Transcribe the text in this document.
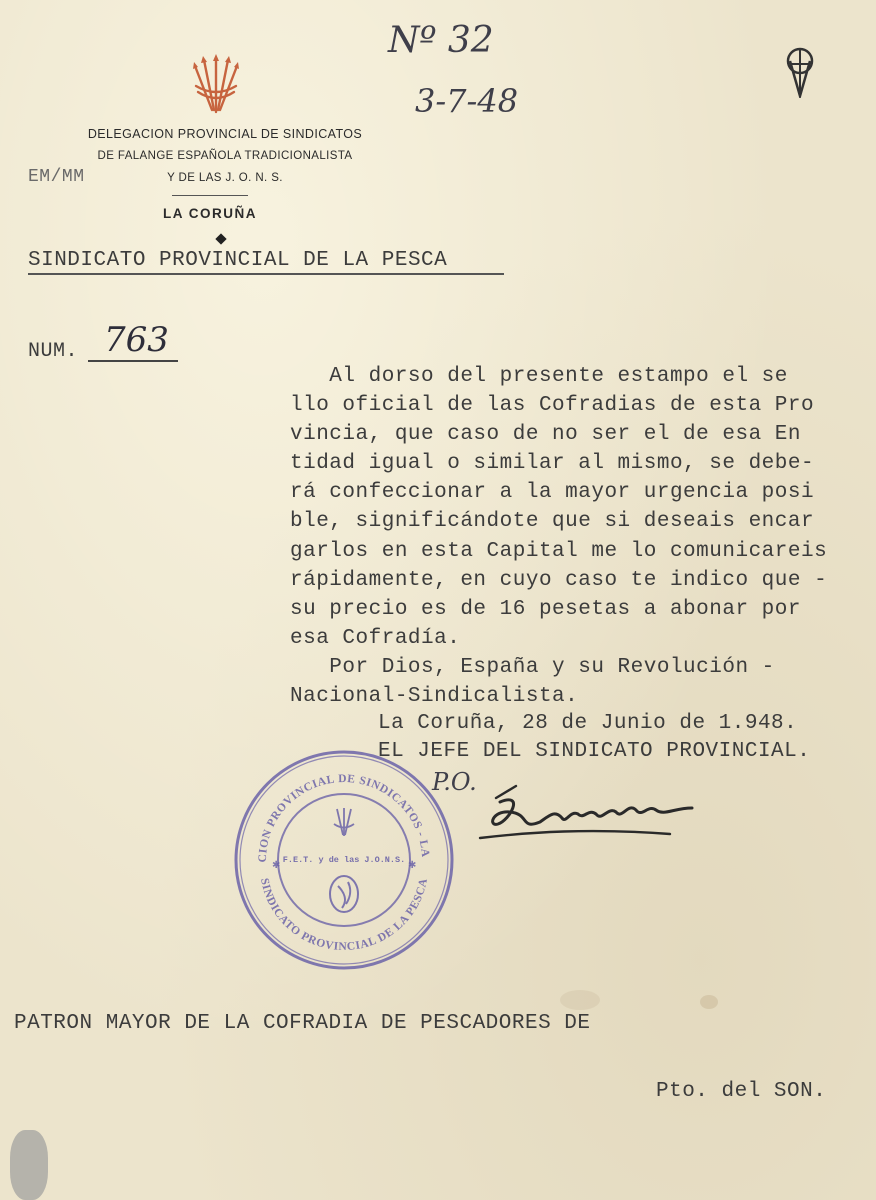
Nº 32
3-7-48
DELEGACION PROVINCIAL DE SINDICATOS
DE FALANGE ESPAÑOLA TRADICIONALISTA
Y DE LAS J. O. N. S.
LA CORUÑA
EM/MM
SINDICATO PROVINCIAL DE LA PESCA
NUM. 763
Al dorso del presente estampo el se
llo oficial de las Cofradias de esta Pro
vincia, que caso de no ser el de esa En
tidad igual o similar al mismo, se debe-
rá confeccionar a la mayor urgencia posi
ble, significándote que si deseais encar
garlos en esta Capital me lo comunicareis
rápidamente, en cuyo caso te indico que -
su precio es de 16 pesetas a abonar por
esa Cofradía.
Por Dios, España y su Revolución -
Nacional-Sindicalista.
La Coruña, 28 de Junio de 1.948.
EL JEFE DEL SINDICATO PROVINCIAL.
P.O.
CION PROVINCIAL DE SINDICATOS - LA
SINDICATO PROVINCIAL DE LA PESCA
F.E.T. y de las J.O.N.S.
✱	✱
PATRON MAYOR DE LA COFRADIA DE PESCADORES DE
Pto. del SON.
